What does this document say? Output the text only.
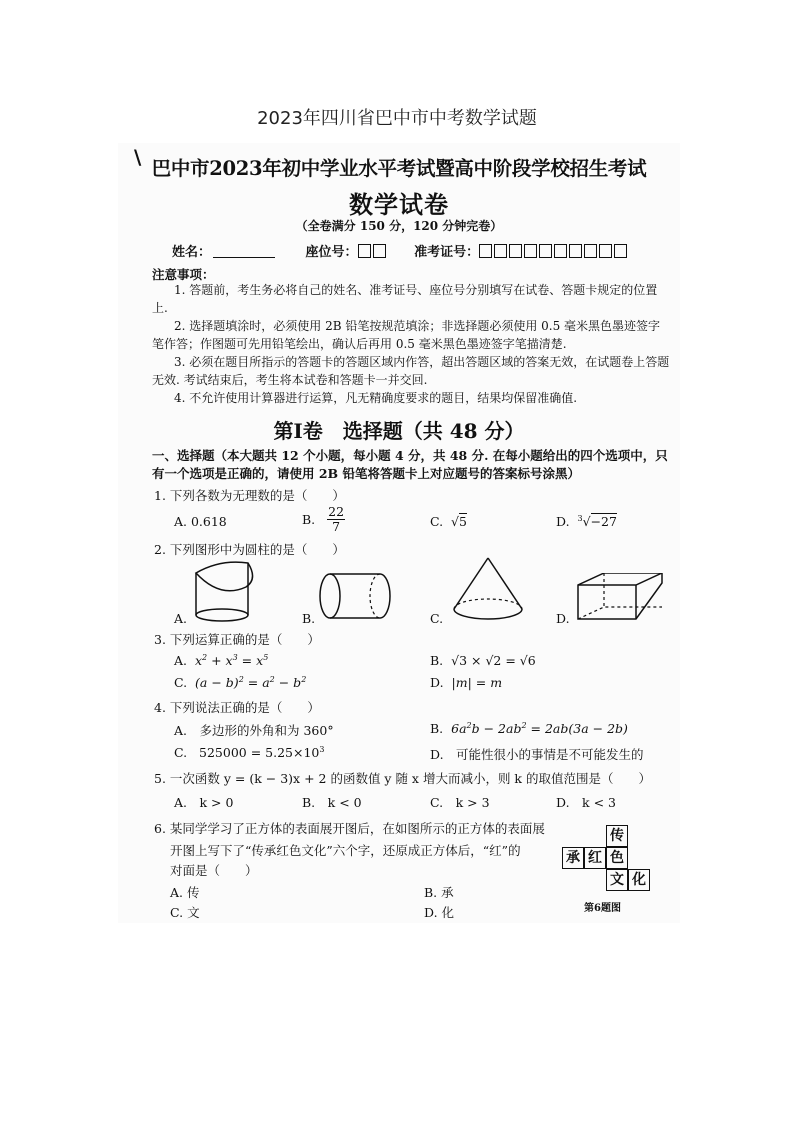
2023年四川省巴中市中考数学试题
\ 巴中市2023年初中学业水平考试暨高中阶段学校招生考试
数学试卷
（全卷满分 150 分，120 分钟完卷）
姓名：	座位号：	准考证号：
注意事项：
1. 答题前，考生务必将自己的姓名、准考证号、座位号分别填写在试卷、答题卡规定的位置上.
2. 选择题填涂时，必须使用 2B 铅笔按规范填涂；非选择题必须使用 0.5 毫米黑色墨迹签字笔作答；作图题可先用铅笔绘出，确认后再用 0.5 毫米黑色墨迹签字笔描清楚.
3. 必须在题目所指示的答题卡的答题区域内作答，超出答题区域的答案无效，在试题卷上答题无效. 考试结束后，考生将本试卷和答题卡一并交回.
4. 不允许使用计算器进行运算，凡无精确度要求的题目，结果均保留准确值.
第Ⅰ卷　选择题（共 48 分）
一、选择题（本大题共 12 个小题，每小题 4 分，共 48 分. 在每小题给出的四个选项中，只有一个选项是正确的，请使用 2B 铅笔将答题卡上对应题号的答案标号涂黑）
1. 下列各数为无理数的是（　　）
A. 0.618	B. $\frac{22}{7}$	C.  √5	D. $^3$√−27
2. 下列图形中为圆柱的是（　　）
A.	B.	C.	D.
3. 下列运算正确的是（　　）
A. $x^2 + x^3 = x^5$	B. √3 × √2 = √6
C. $(a - b)^2 = a^2 - b^2$	D. |m| = m
4. 下列说法正确的是（　　）
A.　多边形的外角和为 360°	B. $6a^2b - 2ab^2 = 2ab(3a - 2b)$
C. $525000 = 5.25\times 10^3$	D.　可能性很小的事情是不可能发生的
5. 一次函数 y = (k − 3)x + 2 的函数值 y 随 x 增大而减小，则 k 的取值范围是（　　）
A.　k > 0	B.　k < 0	C.　k > 3	D.　k < 3
6. 某同学学习了正方体的表面展开图后，在如图所示的正方体的表面展
开图上写下了“传承红色文化”六个字，还原成正方体后，“红”的
对面是（　　）
A. 传	B. 承
C. 文	D. 化
传
承 红 色
文 化
第6题图
